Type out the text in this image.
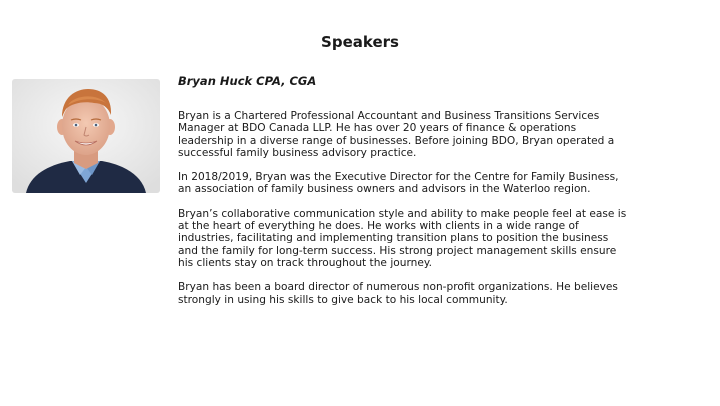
Speakers
Bryan Huck CPA, CGA

Bryan is a Chartered Professional Accountant and Business Transitions Services
Manager at BDO Canada LLP. He has over 20 years of finance & operations
leadership in a diverse range of businesses. Before joining BDO, Bryan operated a
successful family business advisory practice.

In 2018/2019, Bryan was the Executive Director for the Centre for Family Business,
an association of family business owners and advisors in the Waterloo region.

Bryan’s collaborative communication style and ability to make people feel at ease is
at the heart of everything he does. He works with clients in a wide range of
industries, facilitating and implementing transition plans to position the business
and the family for long-term success. His strong project management skills ensure
his clients stay on track throughout the journey.

Bryan has been a board director of numerous non-profit organizations. He believes
strongly in using his skills to give back to his local community.
